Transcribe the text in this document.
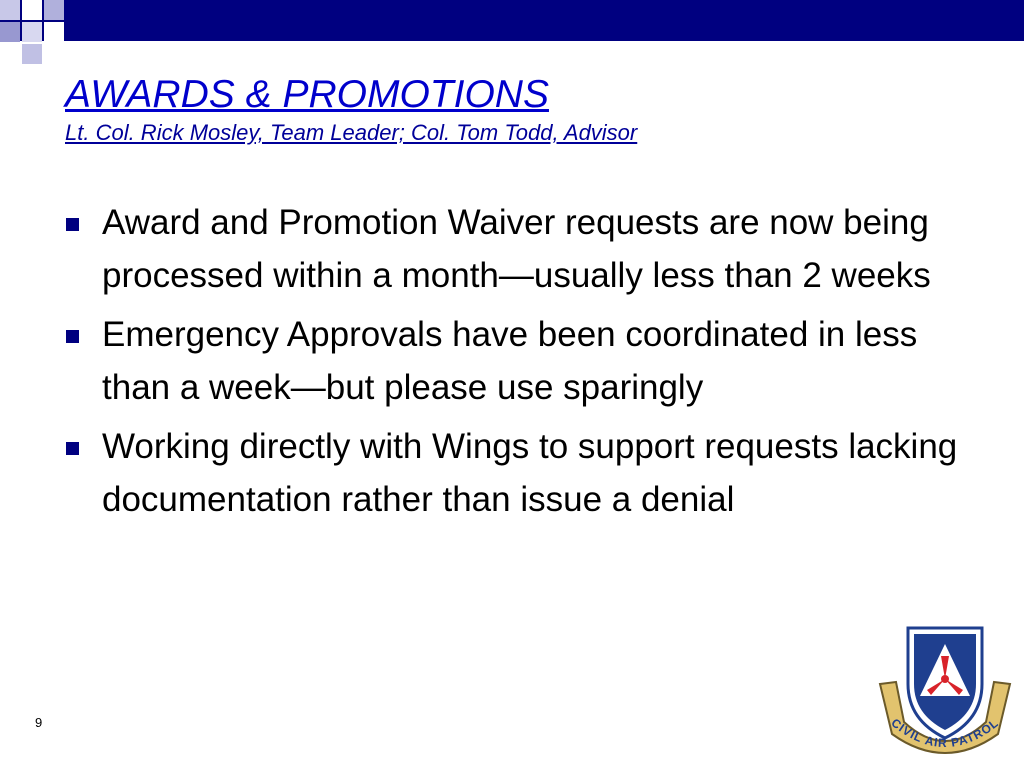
AWARDS & PROMOTIONS

Lt. Col. Rick Mosley, Team Leader; Col. Tom Todd, Advisor

Award and Promotion Waiver requests are now being processed within a month—usually less than 2 weeks
Emergency Approvals have been coordinated in less than a week—but please use sparingly
Working directly with Wings to support requests lacking documentation rather than issue a denial
9	CIVIL AIR PATROL
